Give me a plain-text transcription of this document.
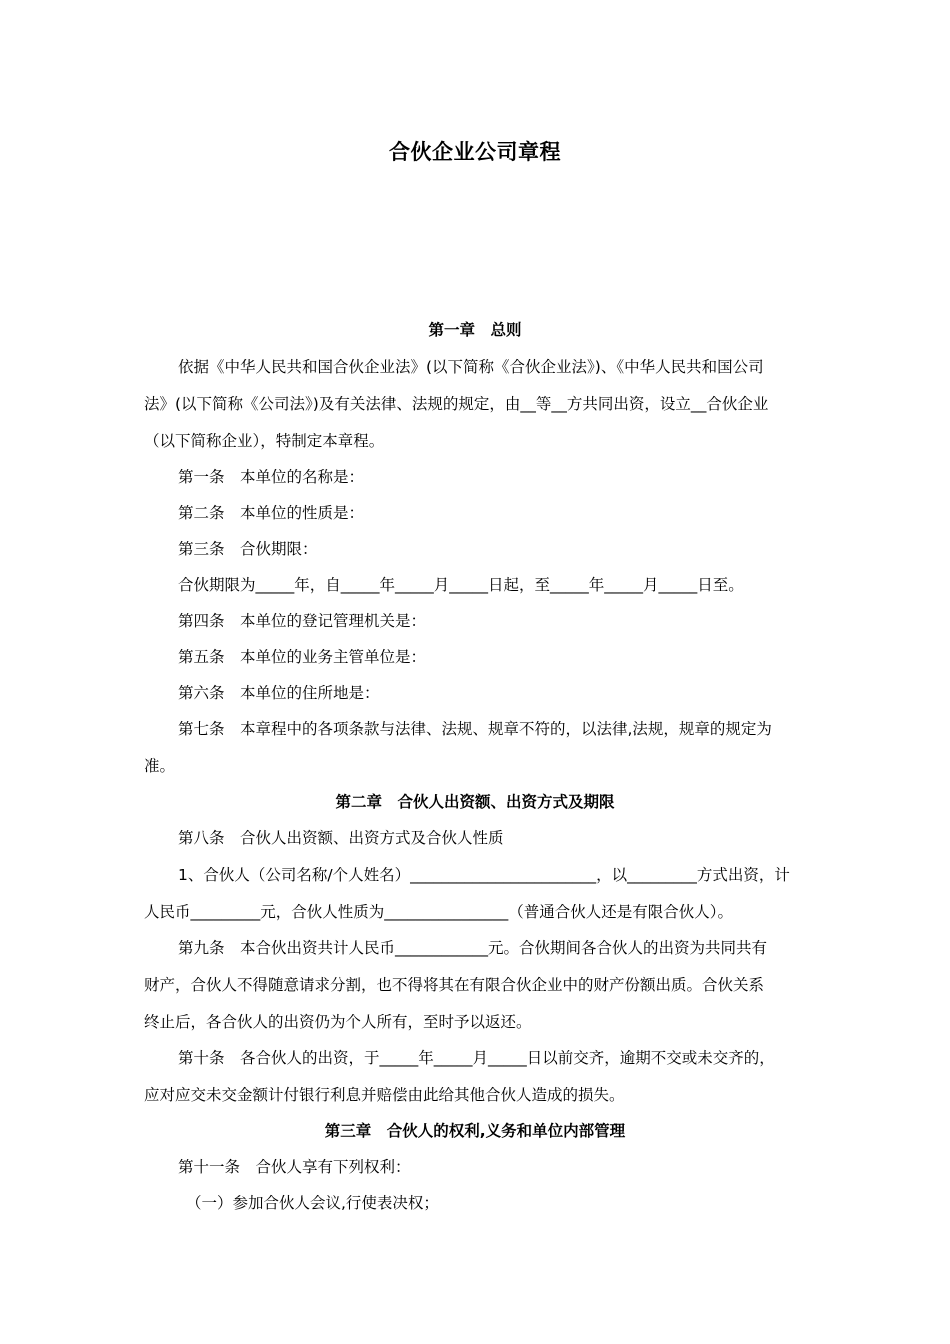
合伙企业公司章程
第一章　总则
依据《中华人民共和国合伙企业法》(以下简称《合伙企业法》)、《中华人民共和国公司
法》(以下简称《公司法》)及有关法律、法规的规定，由__等__方共同出资，设立__合伙企业
（以下简称企业），特制定本章程。
第一条　本单位的名称是：
第二条　本单位的性质是：
第三条　合伙期限：
合伙期限为_____年，自_____年_____月_____日起，至_____年_____月_____日至。
第四条　本单位的登记管理机关是：
第五条　本单位的业务主管单位是：
第六条　本单位的住所地是：
第七条　本章程中的各项条款与法律、法规、规章不符的，以法律,法规，规章的规定为
准。
第二章　合伙人出资额、出资方式及期限
第八条　合伙人出资额、出资方式及合伙人性质
1、合伙人（公司名称/个人姓名）________________________，以_________方式出资，计
人民币_________元，合伙人性质为________________（普通合伙人还是有限合伙人）。
第九条　本合伙出资共计人民币____________元。合伙期间各合伙人的出资为共同共有
财产，合伙人不得随意请求分割，也不得将其在有限合伙企业中的财产份额出质。合伙关系
终止后，各合伙人的出资仍为个人所有，至时予以返还。
第十条　各合伙人的出资，于_____年_____月_____日以前交齐，逾期不交或未交齐的，
应对应交未交金额计付银行利息并赔偿由此给其他合伙人造成的损失。
第三章　合伙人的权利,义务和单位内部管理
第十一条　合伙人享有下列权利：
（一）参加合伙人会议,行使表决权；
